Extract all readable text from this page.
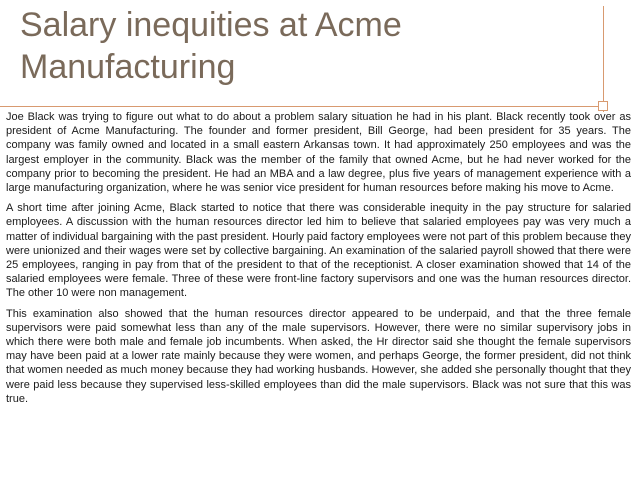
Salary inequities at Acme Manufacturing

Joe Black was trying to figure out what to do about a problem salary situation he had in his plant. Black recently took over as president of Acme Manufacturing. The founder and former president, Bill George, had been president for 35 years. The company was family owned and located in a small eastern Arkansas town. It had approximately 250 employees and was the largest employer in the community. Black was the member of the family that owned Acme, but he had never worked for the company prior to becoming the president. He had an MBA and a law degree, plus five years of management experience with a large manufacturing organization, where he was senior vice president for human resources before making his move to Acme.

A short time after joining Acme, Black started to notice that there was considerable inequity in the pay structure for salaried employees. A discussion with the human resources director led him to believe that salaried employees pay was very much a matter of individual bargaining with the past president. Hourly paid factory employees were not part of this problem because they were unionized and their wages were set by collective bargaining. An examination of the salaried payroll showed that there were 25 employees, ranging in pay from that of the president to that of the receptionist. A closer examination showed that 14 of the salaried employees were female. Three of these were front-line factory supervisors and one was the human resources director. The other 10 were non management.

This examination also showed that the human resources director appeared to be underpaid, and that the three female supervisors were paid somewhat less than any of the male supervisors. However, there were no similar supervisory jobs in which there were both male and female job incumbents. When asked, the Hr director said she thought the female supervisors may have been paid at a lower rate mainly because they were women, and perhaps George, the former president, did not think that women needed as much money because they had working husbands. However, she added she personally thought that they were paid less because they supervised less-skilled employees than did the male supervisors. Black was not sure that this was true.
